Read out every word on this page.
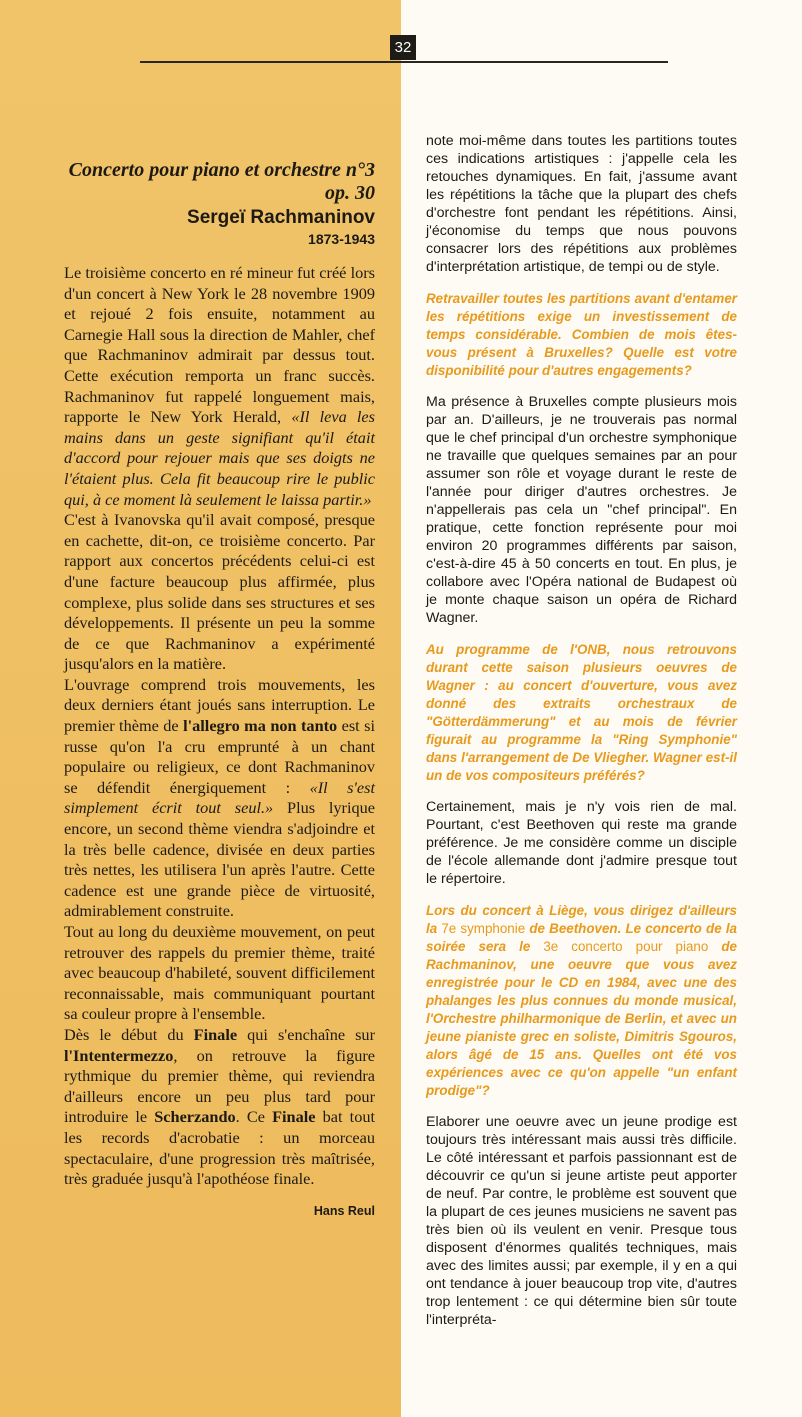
32
Concerto pour piano et orchestre n°3
op. 30
Sergeï Rachmaninov
1873-1943

Le troisième concerto en ré mineur fut créé lors d'un concert à New York le 28 novembre 1909 et rejoué 2 fois ensuite, notamment au Carnegie Hall sous la direction de Mahler, chef que Rachmaninov admirait par dessus tout. Cette exécution remporta un franc succès. Rachmaninov fut rappelé longuement mais, rapporte le New York Herald, «Il leva les mains dans un geste signifiant qu'il était d'accord pour rejouer mais que ses doigts ne l'étaient plus. Cela fit beaucoup rire le public qui, à ce moment là seulement le laissa partir.»

C'est à Ivanovska qu'il avait composé, presque en cachette, dit-on, ce troisième concerto. Par rapport aux concertos précédents celui-ci est d'une facture beaucoup plus affirmée, plus complexe, plus solide dans ses structures et ses développements. Il présente un peu la somme de ce que Rachmaninov a expérimenté jusqu'alors en la matière.

L'ouvrage comprend trois mouvements, les deux derniers étant joués sans interruption. Le premier thème de l'allegro ma non tanto est si russe qu'on l'a cru emprunté à un chant populaire ou religieux, ce dont Rachmaninov se défendit énergiquement : «Il s'est simplement écrit tout seul.» Plus lyrique encore, un second thème viendra s'adjoindre et la très belle cadence, divisée en deux parties très nettes, les utilisera l'un après l'autre. Cette cadence est une grande pièce de virtuosité, admirablement construite.

Tout au long du deuxième mouvement, on peut retrouver des rappels du premier thème, traité avec beaucoup d'habileté, souvent difficilement reconnaissable, mais communiquant pourtant sa couleur propre à l'ensemble.

Dès le début du Finale qui s'enchaîne sur l'Intentermezzo, on retrouve la figure rythmique du premier thème, qui reviendra d'ailleurs encore un peu plus tard pour introduire le Scherzando. Ce Finale bat tout les records d'acrobatie : un morceau spectaculaire, d'une progression très maîtrisée, très graduée jusqu'à l'apothéose finale.

Hans Reul

note moi-même dans toutes les partitions toutes ces indications artistiques : j'appelle cela les retouches dynamiques. En fait, j'assume avant les répétitions la tâche que la plupart des chefs d'orchestre font pendant les répétitions. Ainsi, j'économise du temps que nous pouvons consacrer lors des répétitions aux problèmes d'interprétation artistique, de tempi ou de style.

Retravailler toutes les partitions avant d'entamer les répétitions exige un investissement de temps considérable. Combien de mois êtes-vous présent à Bruxelles? Quelle est votre disponibilité pour d'autres engagements?

Ma présence à Bruxelles compte plusieurs mois par an. D'ailleurs, je ne trouverais pas normal que le chef principal d'un orchestre symphonique ne travaille que quelques semaines par an pour assumer son rôle et voyage durant le reste de l'année pour diriger d'autres orchestres. Je n'appellerais pas cela un "chef principal". En pratique, cette fonction représente pour moi environ 20 programmes différents par saison, c'est-à-dire 45 à 50 concerts en tout. En plus, je collabore avec l'Opéra national de Budapest où je monte chaque saison un opéra de Richard Wagner.

Au programme de l'ONB, nous retrouvons durant cette saison plusieurs oeuvres de Wagner : au concert d'ouverture, vous avez donné des extraits orchestraux de "Götterdämmerung" et au mois de février figurait au programme la "Ring Symphonie" dans l'arrangement de De Vliegher. Wagner est-il un de vos compositeurs préférés?

Certainement, mais je n'y vois rien de mal. Pourtant, c'est Beethoven qui reste ma grande préférence. Je me considère comme un disciple de l'école allemande dont j'admire presque tout le répertoire.

Lors du concert à Liège, vous dirigez d'ailleurs la 7e symphonie de Beethoven. Le concerto de la soirée sera le 3e concerto pour piano de Rachmaninov, une oeuvre que vous avez enregistrée pour le CD en 1984, avec une des phalanges les plus connues du monde musical, l'Orchestre philharmonique de Berlin, et avec un jeune pianiste grec en soliste, Dimitris Sgouros, alors âgé de 15 ans. Quelles ont été vos expériences avec ce qu'on appelle "un enfant prodige"?

Elaborer une oeuvre avec un jeune prodige est toujours très intéressant mais aussi très difficile. Le côté intéressant et parfois passionnant est de découvrir ce qu'un si jeune artiste peut apporter de neuf. Par contre, le problème est souvent que la plupart de ces jeunes musiciens ne savent pas très bien où ils veulent en venir. Presque tous disposent d'énormes qualités techniques, mais avec des limites aussi; par exemple, il y en a qui ont tendance à jouer beaucoup trop vite, d'autres trop lentement : ce qui détermine bien sûr toute l'interpréta-
